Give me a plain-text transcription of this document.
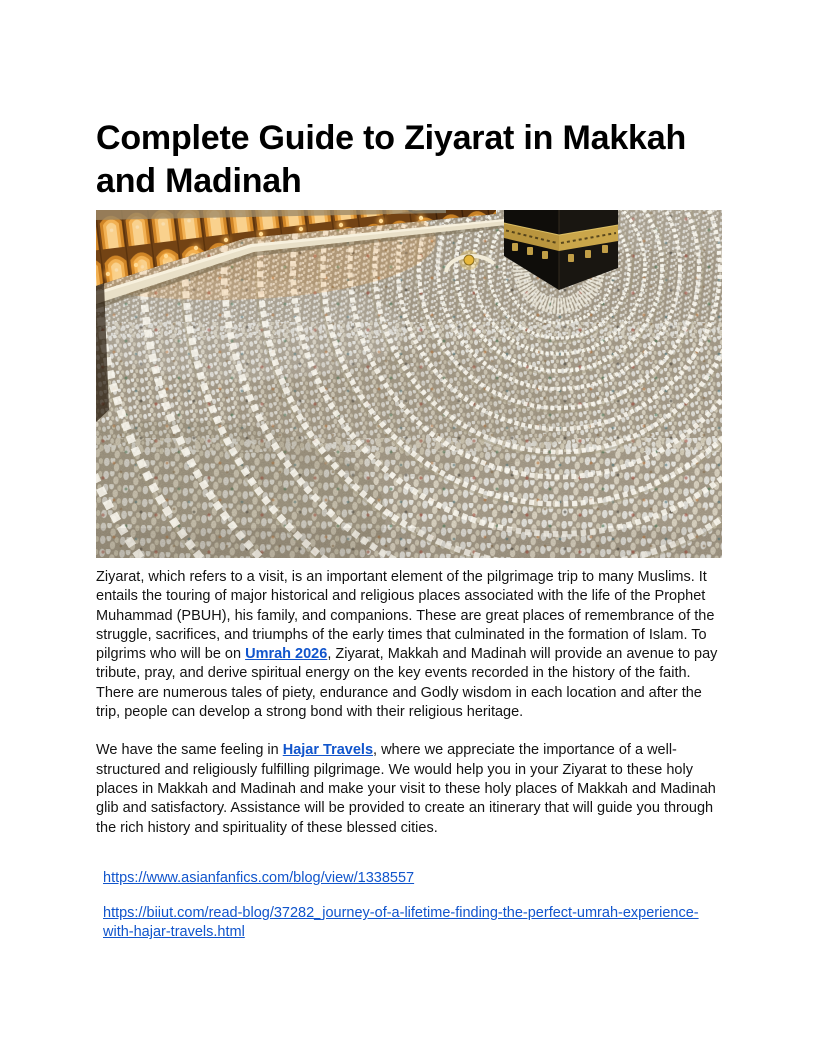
Complete Guide to Ziyarat in Makkah and Madinah

Ziyarat, which refers to a visit, is an important element of the pilgrimage trip to many Muslims. It entails the touring of major historical and religious places associated with the life of the Prophet Muhammad (PBUH), his family, and companions. These are great places of remembrance of the struggle, sacrifices, and triumphs of the early times that culminated in the formation of Islam. To pilgrims who will be on Umrah 2026, Ziyarat, Makkah and Madinah will provide an avenue to pay tribute, pray, and derive spiritual energy on the key events recorded in the history of the faith. There are numerous tales of piety, endurance and Godly wisdom in each location and after the trip, people can develop a strong bond with their religious heritage.

We have the same feeling in Hajar Travels, where we appreciate the importance of a well-structured and religiously fulfilling pilgrimage. We would help you in your Ziyarat to these holy places in Makkah and Madinah and make your visit to these holy places of Makkah and Madinah glib and satisfactory. Assistance will be provided to create an itinerary that will guide you through the rich history and spirituality of these blessed cities.

https://www.asianfanfics.com/blog/view/1338557
https://biiut.com/read-blog/37282_journey-of-a-lifetime-finding-the-perfect-umrah-experience-with-hajar-travels.html
